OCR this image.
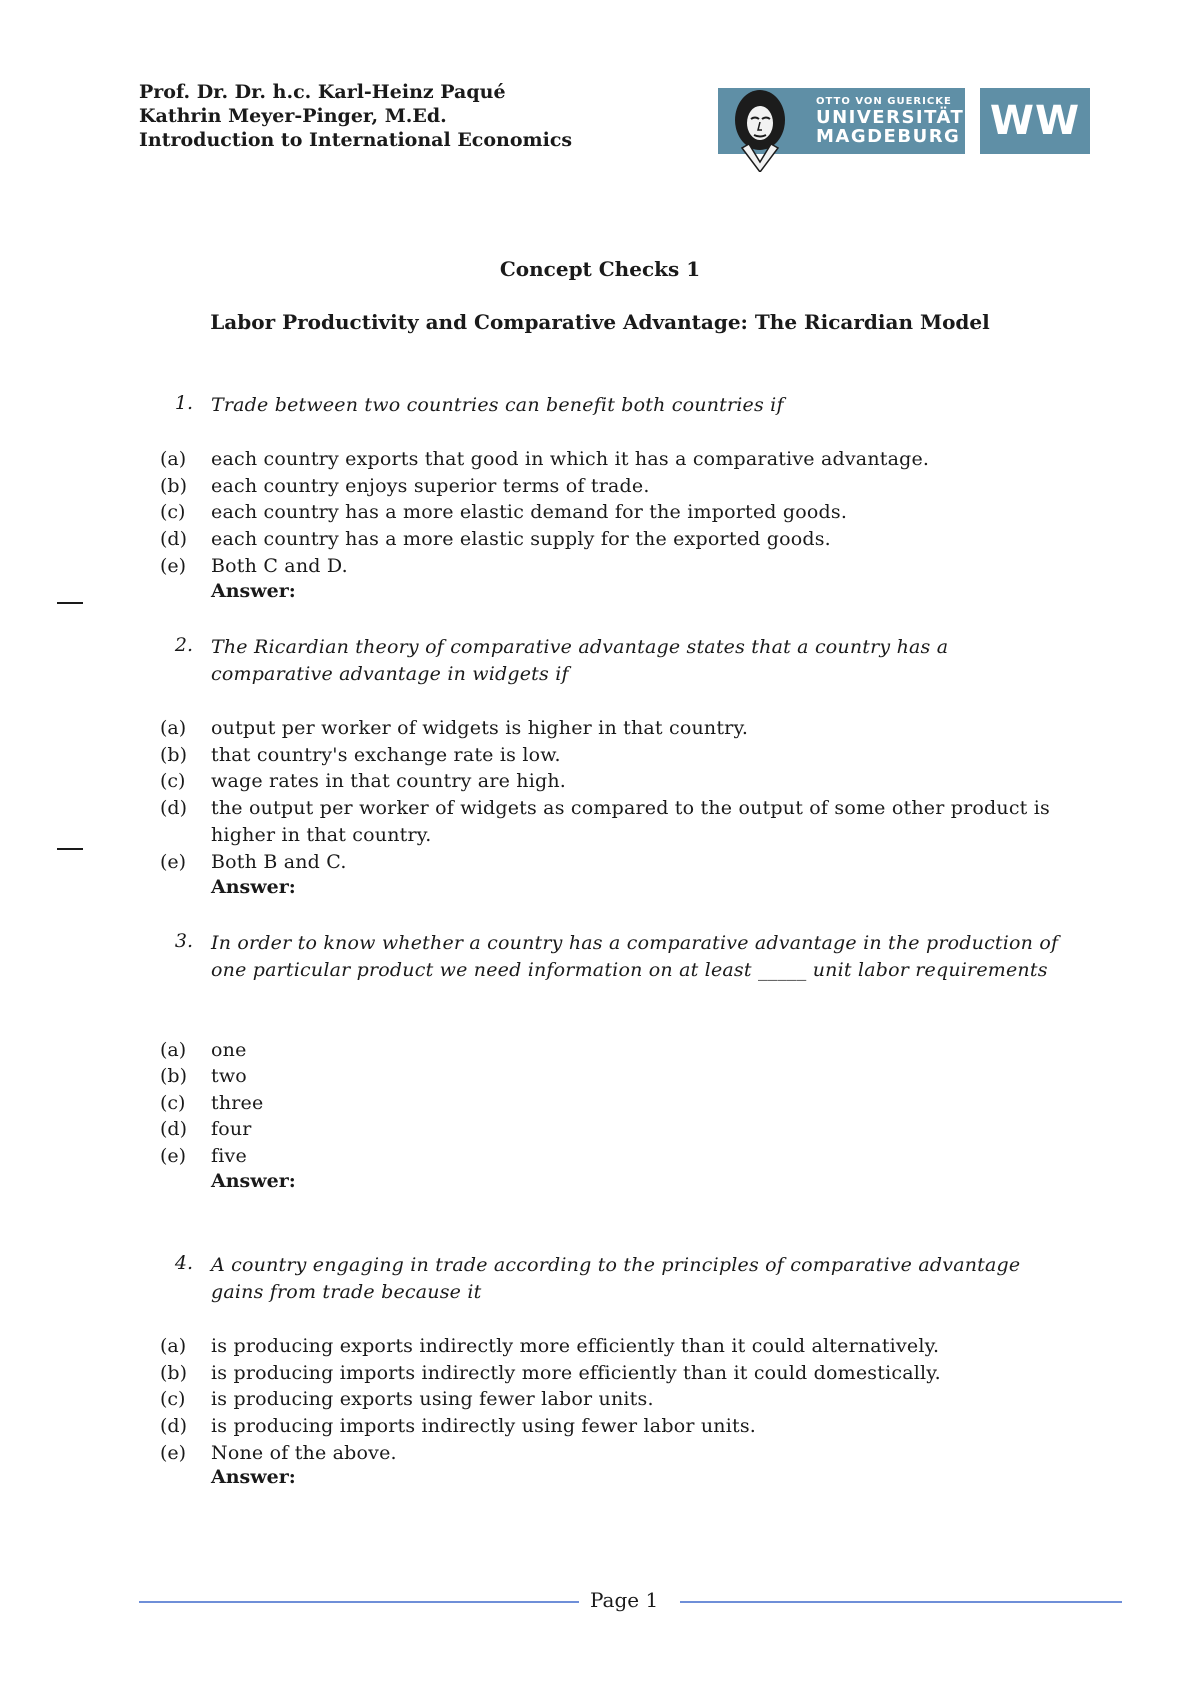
Prof. Dr. Dr. h.c. Karl-Heinz Paqué
Kathrin Meyer-Pinger, M.Ed.
Introduction to International Economics
OTTO VON GUERICKE
UNIVERSITÄT
MAGDEBURG WW
Concept Checks 1
Labor Productivity and Comparative Advantage: The Ricardian Model
1. Trade between two countries can benefit both countries if
(a) each country exports that good in which it has a comparative advantage.
(b) each country enjoys superior terms of trade.
(c) each country has a more elastic demand for the imported goods.
(d) each country has a more elastic supply for the exported goods.
(e) Both C and D.
Answer:
2. The Ricardian theory of comparative advantage states that a country has a comparative advantage in widgets if
(a) output per worker of widgets is higher in that country.
(b) that country's exchange rate is low.
(c) wage rates in that country are high.
(d) the output per worker of widgets as compared to the output of some other product is higher in that country.
(e) Both B and C.
Answer:
3. In order to know whether a country has a comparative advantage in the production of one particular product we need information on at least _____ unit labor requirements
(a) one
(b) two
(c) three
(d) four
(e) five
Answer:
4. A country engaging in trade according to the principles of comparative advantage gains from trade because it
(a) is producing exports indirectly more efficiently than it could alternatively.
(b) is producing imports indirectly more efficiently than it could domestically.
(c) is producing exports using fewer labor units.
(d) is producing imports indirectly using fewer labor units.
(e) None of the above.
Answer:
Page 1
